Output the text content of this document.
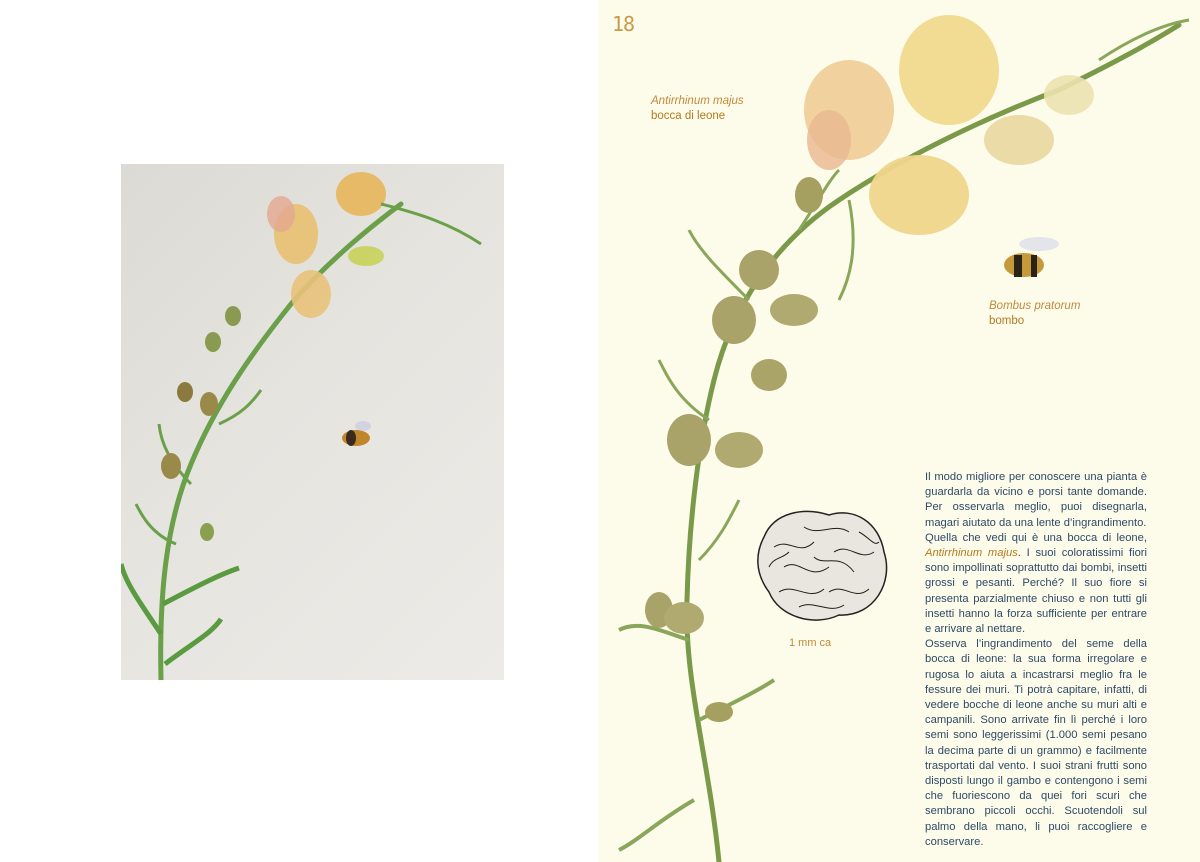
18
Antirrhinum majus
bocca di leone
Bombus pratorum
bombo
1 mm ca

Il modo migliore per conoscere una pianta è guardarla da vicino e porsi tante domande. Per osservarla meglio, puoi disegnarla, magari aiutato da una lente d’ingrandimento.

Quella che vedi qui è una bocca di leone, Antirrhinum majus. I suoi coloratissimi fiori sono impollinati soprattutto dai bombi, insetti grossi e pesanti. Perché? Il suo fiore si presenta parzialmente chiuso e non tutti gli insetti hanno la forza sufficiente per entrare e arrivare al nettare.

Osserva l’ingrandimento del seme della bocca di leone: la sua forma irregolare e rugosa lo aiuta a incastrarsi meglio fra le fessure dei muri. Ti potrà capitare, infatti, di vedere bocche di leone anche su muri alti e campanili. Sono arrivate fin lì perché i loro semi sono leggerissimi (1.000 semi pesano la decima parte di un grammo) e facilmente trasportati dal vento. I suoi strani frutti sono disposti lungo il gambo e contengono i semi che fuoriescono da quei fori scuri che sembrano piccoli occhi. Scuotendoli sul palmo della mano, li puoi raccogliere e conservare.
